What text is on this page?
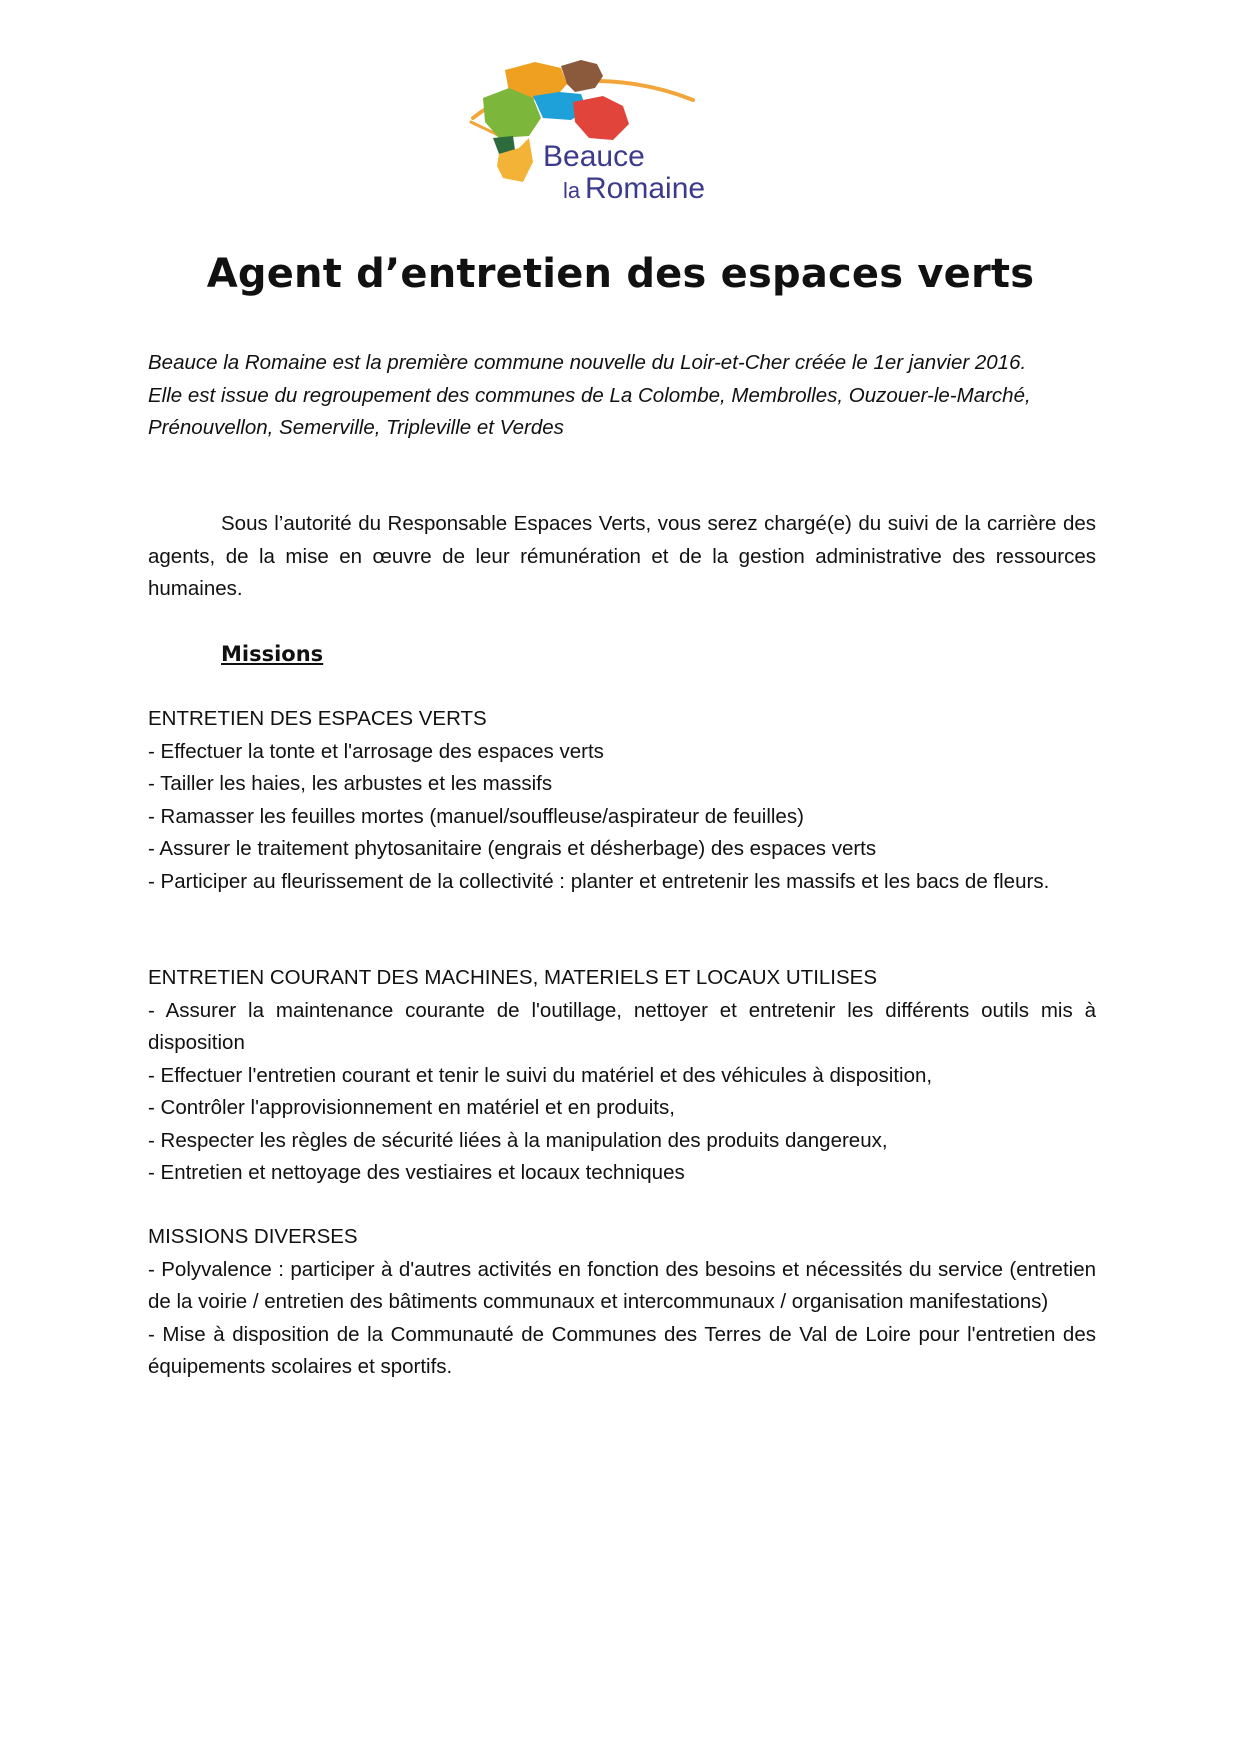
Beauce
la Romaine
Agent d’entretien des espaces verts

Beauce la Romaine est la première commune nouvelle du Loir-et-Cher créée le 1er janvier 2016.
Elle est issue du regroupement des communes de La Colombe, Membrolles, Ouzouer-le-Marché,
Prénouvellon, Semerville, Tripleville et Verdes

Sous l’autorité du Responsable Espaces Verts, vous serez chargé(e) du suivi de la carrière des agents, de la mise en œuvre de leur rémunération et de la gestion administrative des ressources humaines.

Missions
ENTRETIEN DES ESPACES VERTS
- Effectuer la tonte et l'arrosage des espaces verts
- Tailler les haies, les arbustes et les massifs
- Ramasser les feuilles mortes (manuel/souffleuse/aspirateur de feuilles)
- Assurer le traitement phytosanitaire (engrais et désherbage) des espaces verts
- Participer au fleurissement de la collectivité : planter et entretenir les massifs et les bacs de fleurs.
ENTRETIEN COURANT DES MACHINES, MATERIELS ET LOCAUX UTILISES
- Assurer la maintenance courante de l'outillage, nettoyer et entretenir les différents outils mis à disposition
- Effectuer l'entretien courant et tenir le suivi du matériel et des véhicules à disposition,
- Contrôler l'approvisionnement en matériel et en produits,
- Respecter les règles de sécurité liées à la manipulation des produits dangereux,
- Entretien et nettoyage des vestiaires et locaux techniques
MISSIONS DIVERSES
- Polyvalence : participer à d'autres activités en fonction des besoins et nécessités du service (entretien de la voirie / entretien des bâtiments communaux et intercommunaux / organisation manifestations)
- Mise à disposition de la Communauté de Communes des Terres de Val de Loire pour l'entretien des équipements scolaires et sportifs.
